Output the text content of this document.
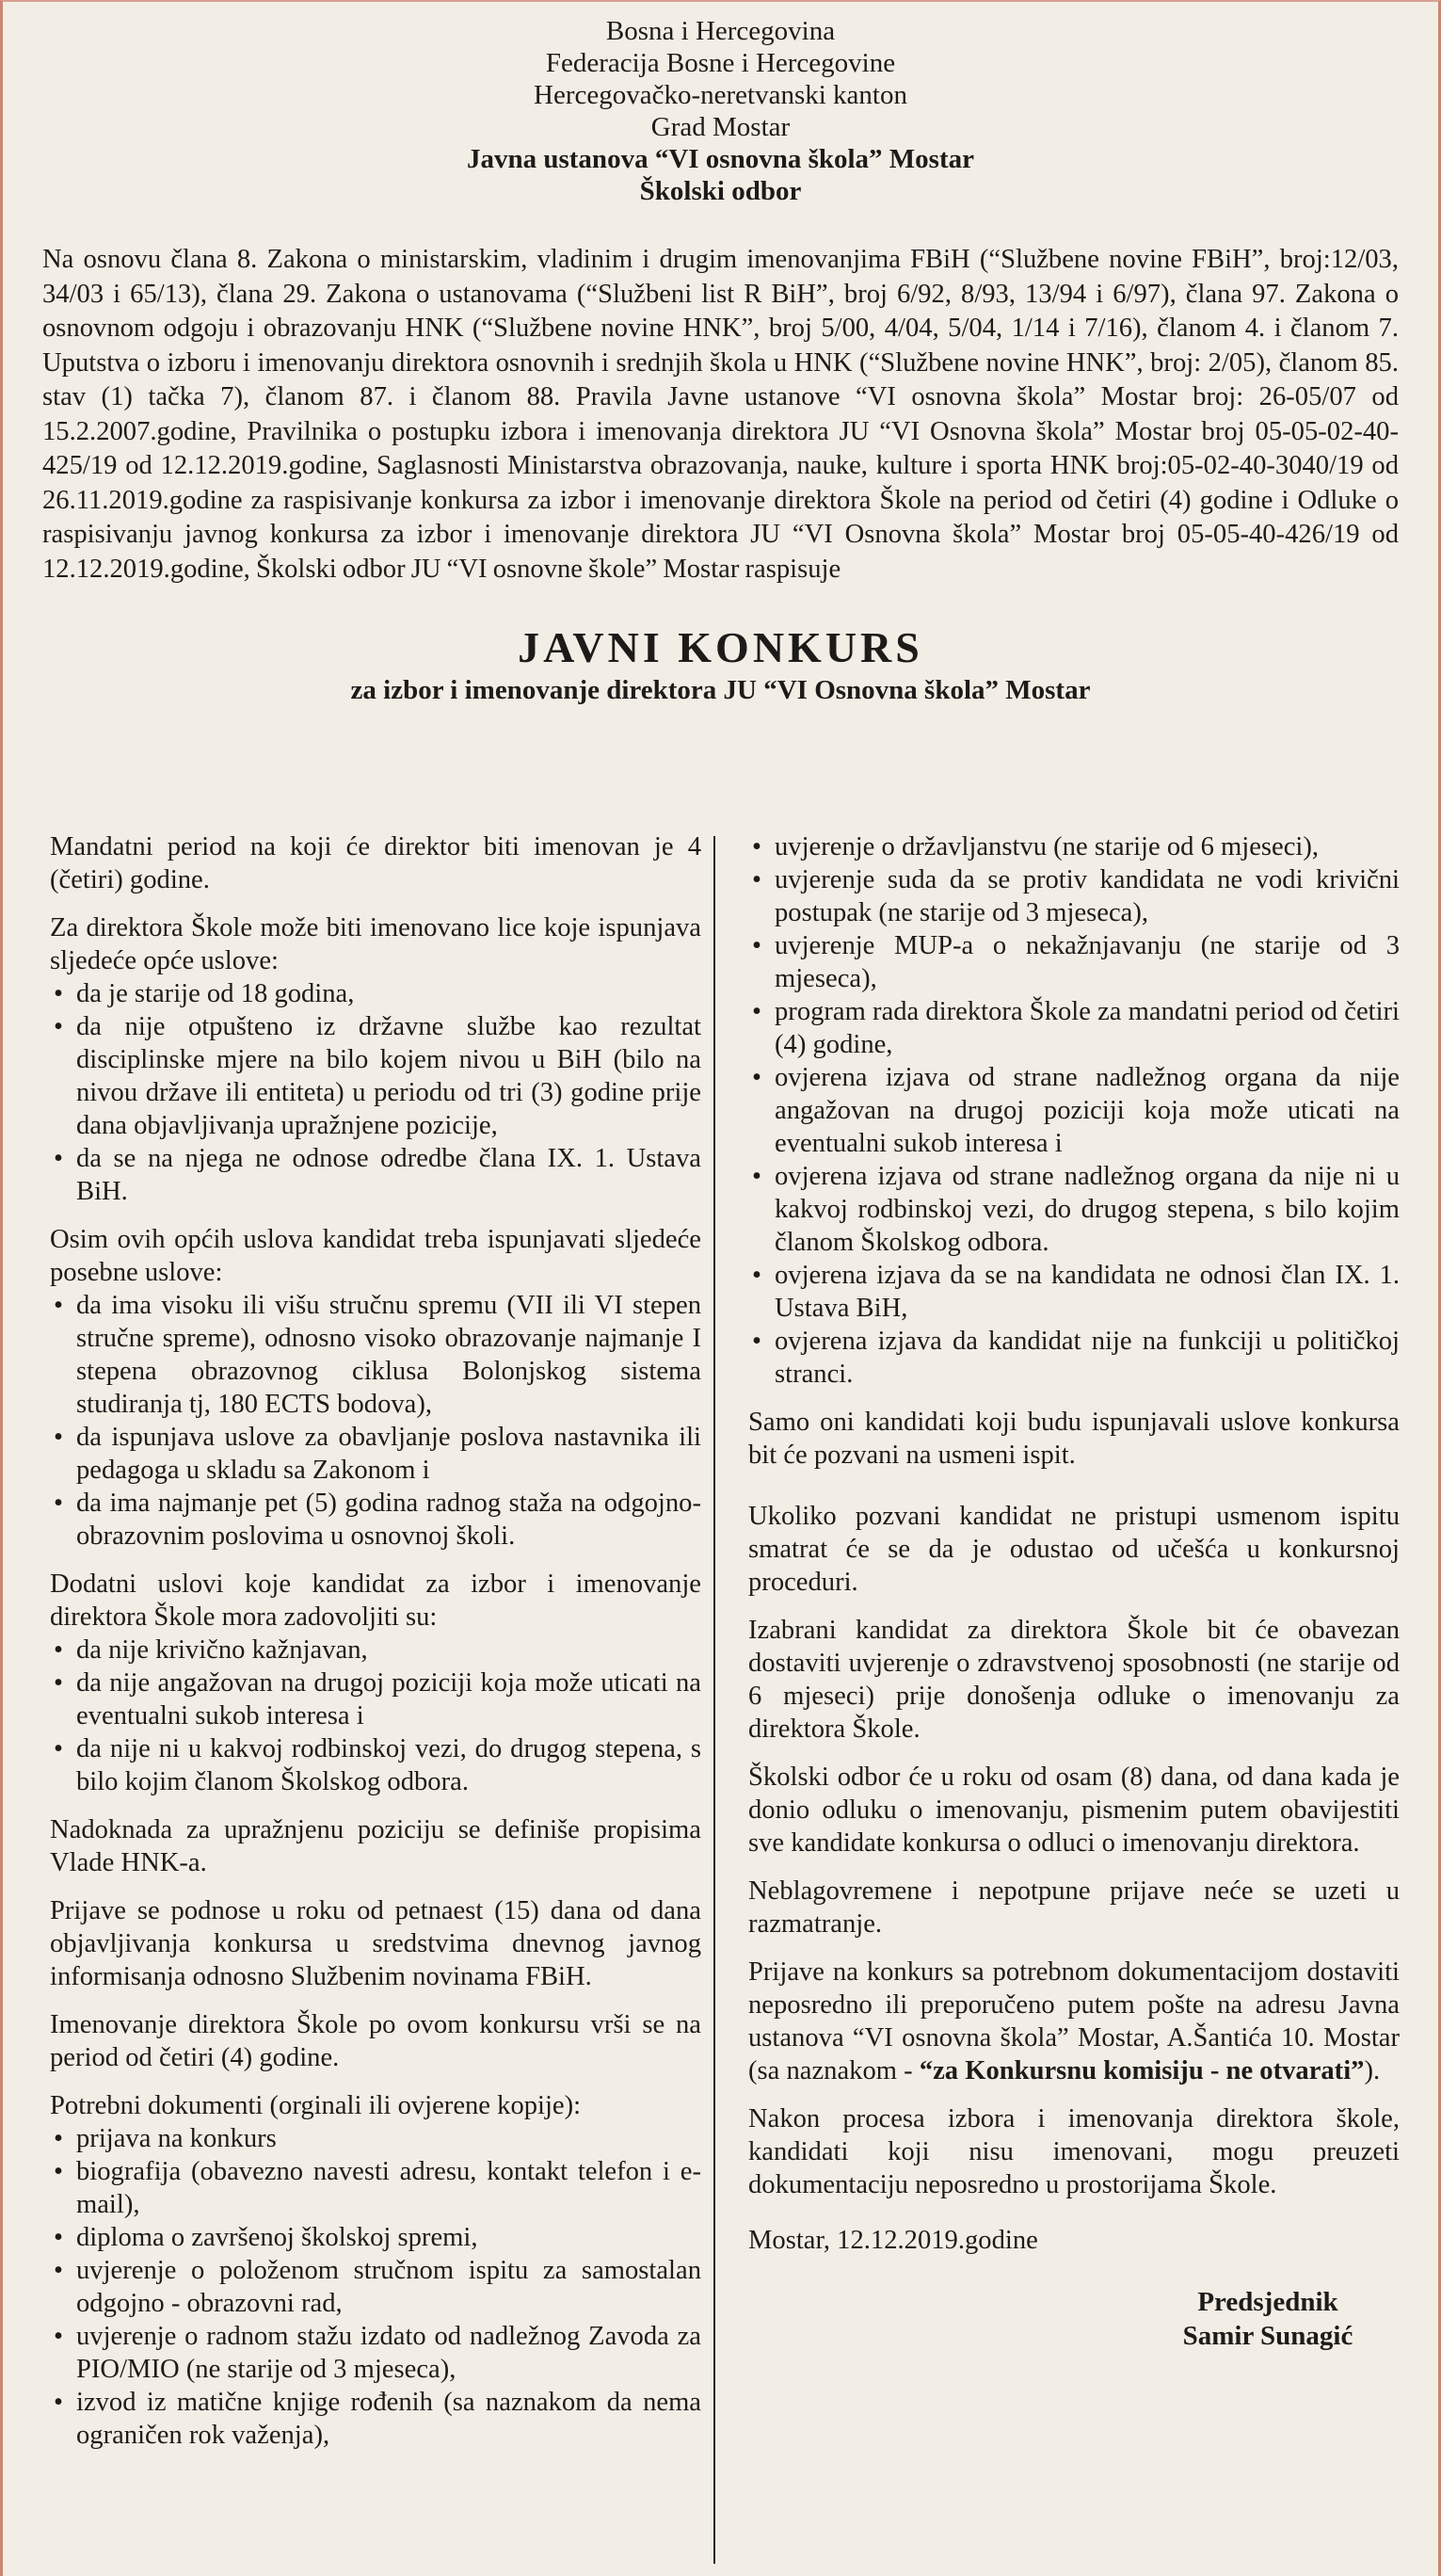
Bosna i Hercegovina
Federacija Bosne i Hercegovine
Hercegovačko-neretvanski kanton
Grad Mostar
Javna ustanova “VI osnovna škola” Mostar
Školski odbor
Na osnovu člana 8. Zakona o ministarskim, vladinim i drugim imenovanjima FBiH (“Službene novine FBiH”, broj:12/03, 34/03 i 65/13), člana 29. Zakona o ustanovama (“Službeni list R BiH”, broj 6/92, 8/93, 13/94 i 6/97), člana 97. Zakona o osnovnom odgoju i obrazovanju HNK (“Službene novine HNK”, broj 5/00, 4/04, 5/04, 1/14 i 7/16), članom 4. i članom 7. Uputstva o izboru i imenovanju direktora osnovnih i srednjih škola u HNK (“Službene novine HNK”, broj: 2/05), članom 85. stav (1) tačka 7), članom 87. i članom 88. Pravila Javne ustanove “VI osnovna škola” Mostar broj: 26-05/07 od 15.2.2007.godine, Pravilnika o postupku izbora i imenovanja direktora JU “VI Osnovna škola” Mostar broj 05-05-02-40-425/19 od 12.12.2019.godine, Saglasnosti Ministarstva obrazovanja, nauke, kulture i sporta HNK broj:05-02-40-3040/19 od 26.11.2019.godine za raspisivanje konkursa za izbor i imenovanje direktora Škole na period od četiri (4) godine i Odluke o raspisivanju javnog konkursa za izbor i imenovanje direktora JU “VI Osnovna škola” Mostar broj 05-05-40-426/19 od 12.12.2019.godine, Školski odbor JU “VI osnovne škole” Mostar raspisuje
JAVNI KONKURS
za izbor i imenovanje direktora JU “VI Osnovna škola” Mostar

Mandatni period na koji će direktor biti imenovan je 4 (četiri) godine.

Za direktora Škole može biti imenovano lice koje ispunjava sljedeće opće uslove:

• da je starije od 18 godina,
• da nije otpušteno iz državne službe kao rezultat disciplinske mjere na bilo kojem nivou u BiH (bilo na nivou države ili entiteta) u periodu od tri (3) godine prije dana objavljivanja upražnjene pozicije,
• da se na njega ne odnose odredbe člana IX. 1. Ustava BiH.

Osim ovih općih uslova kandidat treba ispunjavati sljedeće posebne uslove:

• da ima visoku ili višu stručnu spremu (VII ili VI stepen stručne spreme), odnosno visoko obrazovanje najmanje I stepena obrazovnog ciklusa Bolonjskog sistema studiranja tj, 180 ECTS bodova),
• da ispunjava uslove za obavljanje poslova nastavnika ili pedagoga u skladu sa Zakonom i
• da ima najmanje pet (5) godina radnog staža na odgojno-obrazovnim poslovima u osnovnoj školi.

Dodatni uslovi koje kandidat za izbor i imenovanje direktora Škole mora zadovoljiti su:

• da nije krivično kažnjavan,
• da nije angažovan na drugoj poziciji koja može uticati na eventualni sukob interesa i
• da nije ni u kakvoj rodbinskoj vezi, do drugog stepena, s bilo kojim članom Školskog odbora.

Nadoknada za upražnjenu poziciju se definiše propisima Vlade HNK-a.

Prijave se podnose u roku od petnaest (15) dana od dana objavljivanja konkursa u sredstvima dnevnog javnog informisanja odnosno Službenim novinama FBiH.

Imenovanje direktora Škole po ovom konkursu vrši se na period od četiri (4) godine.

Potrebni dokumenti (orginali ili ovjerene kopije):

• prijava na konkurs
• biografija (obavezno navesti adresu, kontakt telefon i e-mail),
• diploma o završenoj školskoj spremi,
• uvjerenje o položenom stručnom ispitu za samostalan odgojno - obrazovni rad,
• uvjerenje o radnom stažu izdato od nadležnog Zavoda za PIO/MIO (ne starije od 3 mjeseca),
• izvod iz matične knjige rođenih (sa naznakom da nema ograničen rok važenja),
• uvjerenje o državljanstvu (ne starije od 6 mjeseci),
• uvjerenje suda da se protiv kandidata ne vodi krivični postupak (ne starije od 3 mjeseca),
• uvjerenje MUP-a o nekažnjavanju (ne starije od 3 mjeseca),
• program rada direktora Škole za mandatni period od četiri (4) godine,
• ovjerena izjava od strane nadležnog organa da nije angažovan na drugoj poziciji koja može uticati na eventualni sukob interesa i
• ovjerena izjava od strane nadležnog organa da nije ni u kakvoj rodbinskoj vezi, do drugog stepena, s bilo kojim članom Školskog odbora.
• ovjerena izjava da se na kandidata ne odnosi član IX. 1. Ustava BiH,
• ovjerena izjava da kandidat nije na funkciji u političkoj stranci.

Samo oni kandidati koji budu ispunjavali uslove konkursa bit će pozvani na usmeni ispit.

Ukoliko pozvani kandidat ne pristupi usmenom ispitu smatrat će se da je odustao od učešća u konkursnoj proceduri.

Izabrani kandidat za direktora Škole bit će obavezan dostaviti uvjerenje o zdravstvenoj sposobnosti (ne starije od 6 mjeseci) prije donošenja odluke o imenovanju za direktora Škole.

Školski odbor će u roku od osam (8) dana, od dana kada je donio odluku o imenovanju, pismenim putem obavijestiti sve kandidate konkursa o odluci o imenovanju direktora.

Neblagovremene i nepotpune prijave neće se uzeti u razmatranje.

Prijave na konkurs sa potrebnom dokumentacijom dostaviti neposredno ili preporučeno putem pošte na adresu Javna ustanova “VI osnovna škola” Mostar, A.Šantića 10. Mostar (sa naznakom - “za Konkursnu komisiju - ne otvarati”).

Nakon procesa izbora i imenovanja direktora škole, kandidati koji nisu imenovani, mogu preuzeti dokumentaciju neposredno u prostorijama Škole.

Mostar, 12.12.2019.godine

Predsjednik
Samir Sunagić
